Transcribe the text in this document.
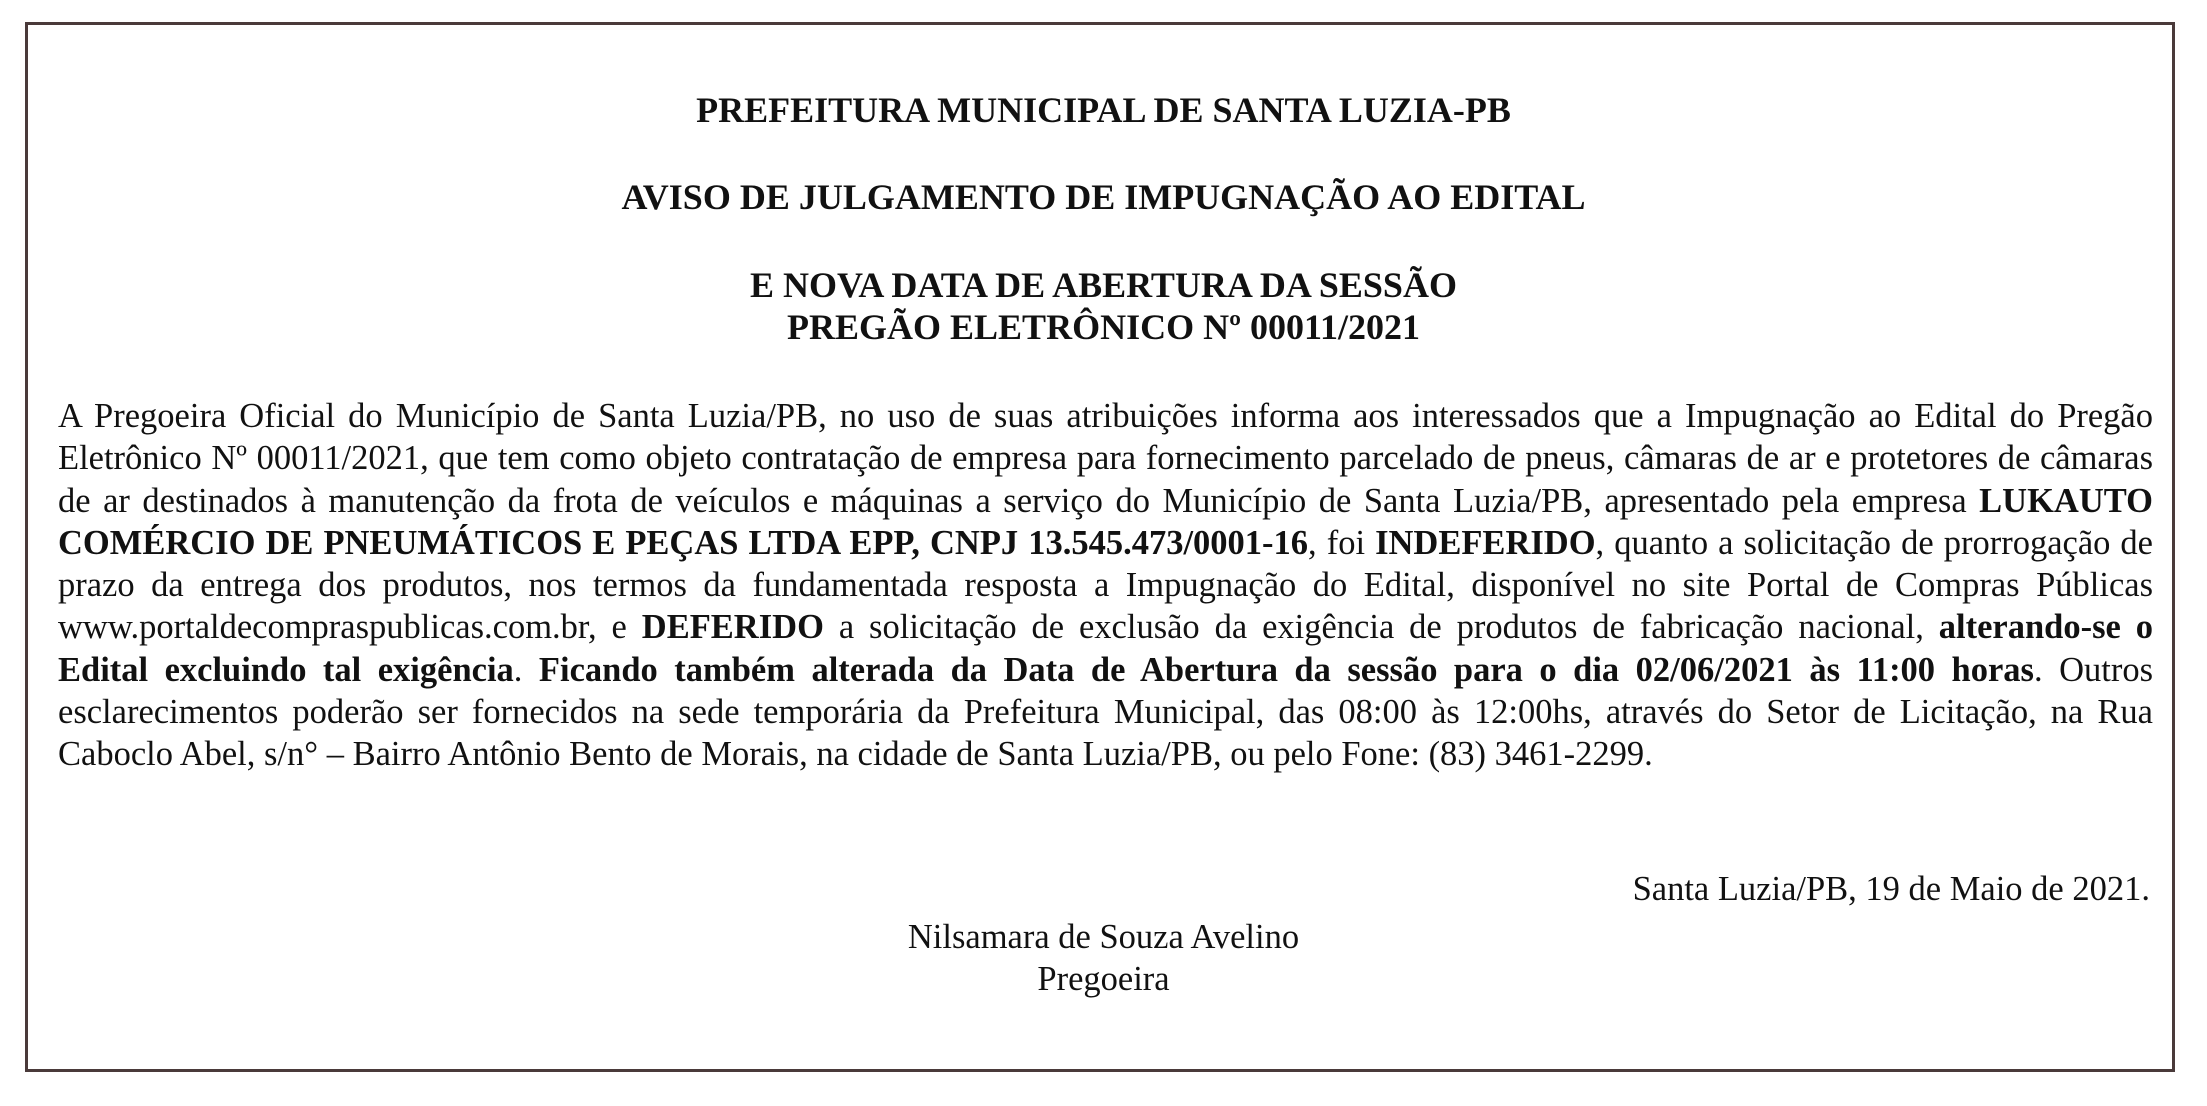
PREFEITURA MUNICIPAL DE SANTA LUZIA-PB
AVISO DE JULGAMENTO DE IMPUGNAÇÃO AO EDITAL
E NOVA DATA DE ABERTURA DA SESSÃO
PREGÃO ELETRÔNICO Nº 00011/2021

A Pregoeira Oficial do Município de Santa Luzia/PB, no uso de suas atribuições informa aos interessados que a Impugnação ao Edital do Pregão Eletrônico Nº 00011/2021, que tem como objeto contratação de empresa para fornecimento parcelado de pneus, câmaras de ar e protetores de câmaras de ar destinados à manutenção da frota de veículos e máquinas a serviço do Município de Santa Luzia/PB, apresentado pela empresa LUKAUTO COMÉRCIO DE PNEUMÁTICOS E PEÇAS LTDA EPP, CNPJ 13.545.473/0001-16, foi INDEFERIDO, quanto a solicitação de prorrogação de prazo da entrega dos produtos, nos termos da fundamentada resposta a Impugnação do Edital, disponível no site Portal de Compras Públicas www.portaldecompraspublicas.com.br, e DEFERIDO a solicitação de exclusão da exigência de produtos de fabricação nacional, alterando-se o Edital excluindo tal exigência. Ficando também alterada da Data de Abertura da sessão para o dia 02/06/2021 às 11:00 horas. Outros esclarecimentos poderão ser fornecidos na sede temporária da Prefeitura Municipal, das 08:00 às 12:00hs, através do Setor de Licitação, na Rua Caboclo Abel, s/n° – Bairro Antônio Bento de Morais, na cidade de Santa Luzia/PB, ou pelo Fone: (83) 3461-2299.

Santa Luzia/PB, 19 de Maio de 2021.

Nilsamara de Souza Avelino

Pregoeira
